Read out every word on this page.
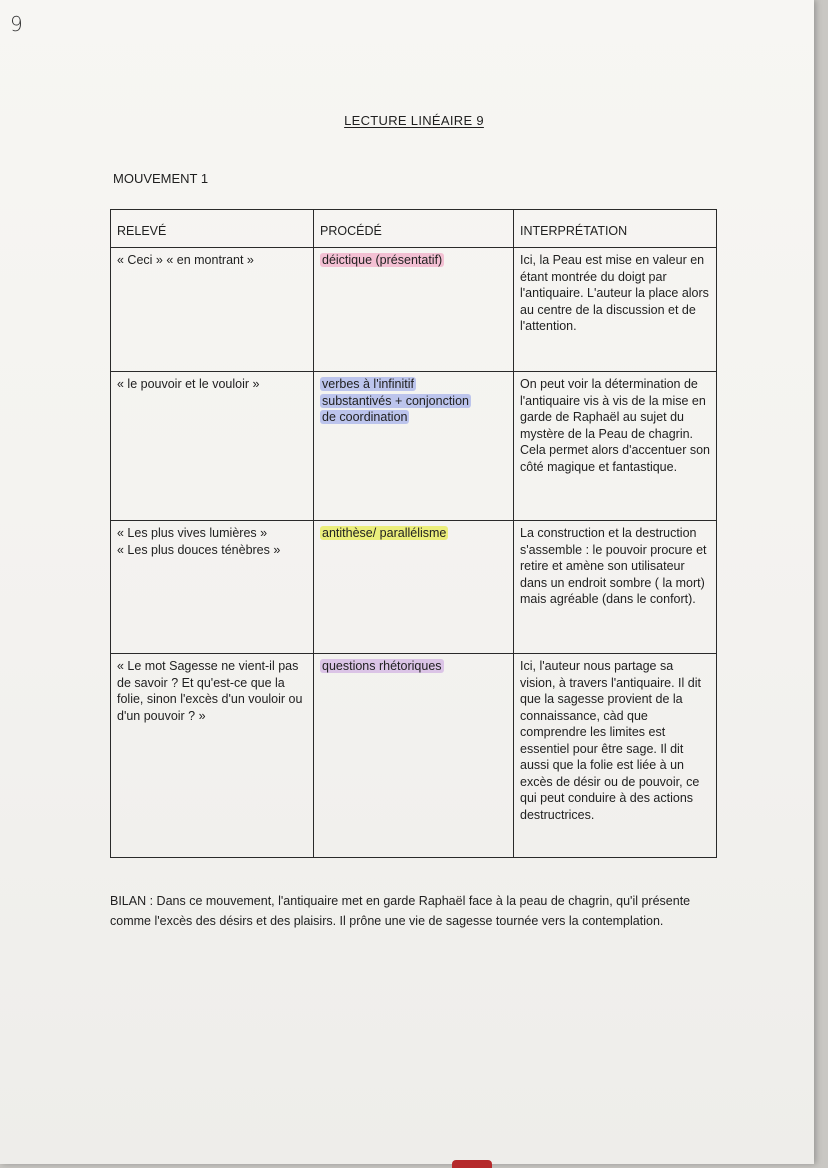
9
LECTURE LINÉAIRE 9
MOUVEMENT 1
RELEVÉ	PROCÉDÉ	INTERPRÉTATION
« Ceci » « en montrant »	déictique (présentatif)	Ici, la Peau est mise en valeur en étant montrée du doigt par l'antiquaire. L'auteur la place alors au centre de la discussion et de l'attention.
« le pouvoir et le vouloir »	verbes à l'infinitif
substantivés + conjonction
de coordination	On peut voir la détermination de l'antiquaire vis à vis de la mise en garde de Raphaël au sujet du mystère de la Peau de chagrin. Cela permet alors d'accentuer son côté magique et fantastique.
« Les plus vives lumières »
« Les plus douces ténèbres »	antithèse/ parallélisme	La construction et la destruction s'assemble : le pouvoir procure et retire et amène son utilisateur dans un endroit sombre ( la mort) mais agréable (dans le confort).
« Le mot Sagesse ne vient-il pas de savoir ? Et qu'est-ce que la folie, sinon l'excès d'un vouloir ou d'un pouvoir ? »	questions rhétoriques	Ici, l'auteur nous partage sa vision, à travers l'antiquaire. Il dit que la sagesse provient de la connaissance, càd que comprendre les limites est essentiel pour être sage. Il dit aussi que la folie est liée à un excès de désir ou de pouvoir, ce qui peut conduire à des actions destructrices.
BILAN : Dans ce mouvement, l'antiquaire met en garde Raphaël face à la peau de chagrin, qu'il présente comme l'excès des désirs et des plaisirs. Il prône une vie de sagesse tournée vers la contemplation.
